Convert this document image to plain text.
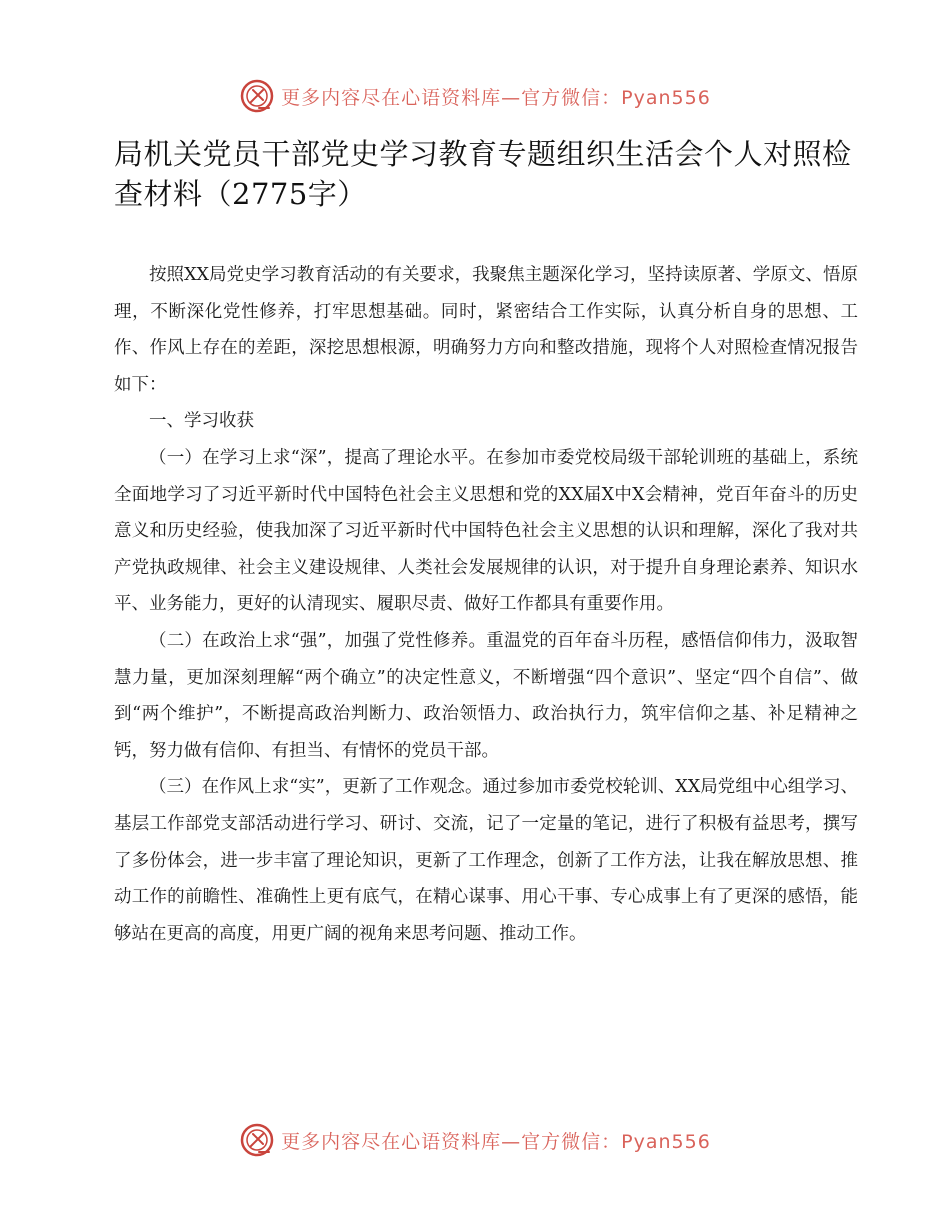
更多内容尽在心语资料库—官方微信：Pyan556
局机关党员干部党史学习教育专题组织生活会个人对照检查材料（2775字）

按照XX局党史学习教育活动的有关要求，我聚焦主题深化学习，坚持读原著、学原文、悟原理，不断深化党性修养，打牢思想基础。同时，紧密结合工作实际，认真分析自身的思想、工作、作风上存在的差距，深挖思想根源，明确努力方向和整改措施，现将个人对照检查情况报告如下：

一、学习收获

（一）在学习上求“深”，提高了理论水平。在参加市委党校局级干部轮训班的基础上，系统全面地学习了习近平新时代中国特色社会主义思想和党的XX届X中X会精神，党百年奋斗的历史意义和历史经验，使我加深了习近平新时代中国特色社会主义思想的认识和理解，深化了我对共产党执政规律、社会主义建设规律、人类社会发展规律的认识，对于提升自身理论素养、知识水平、业务能力，更好的认清现实、履职尽责、做好工作都具有重要作用。

（二）在政治上求“强”，加强了党性修养。重温党的百年奋斗历程，感悟信仰伟力，汲取智慧力量，更加深刻理解“两个确立”的决定性意义，不断增强“四个意识”、坚定“四个自信”、做到“两个维护”，不断提高政治判断力、政治领悟力、政治执行力，筑牢信仰之基、补足精神之钙，努力做有信仰、有担当、有情怀的党员干部。

（三）在作风上求“实”，更新了工作观念。通过参加市委党校轮训、XX局党组中心组学习、基层工作部党支部活动进行学习、研讨、交流，记了一定量的笔记，进行了积极有益思考，撰写了多份体会，进一步丰富了理论知识，更新了工作理念，创新了工作方法，让我在解放思想、推动工作的前瞻性、准确性上更有底气，在精心谋事、用心干事、专心成事上有了更深的感悟，能够站在更高的高度，用更广阔的视角来思考问题、推动工作。

更多内容尽在心语资料库—官方微信：Pyan556
